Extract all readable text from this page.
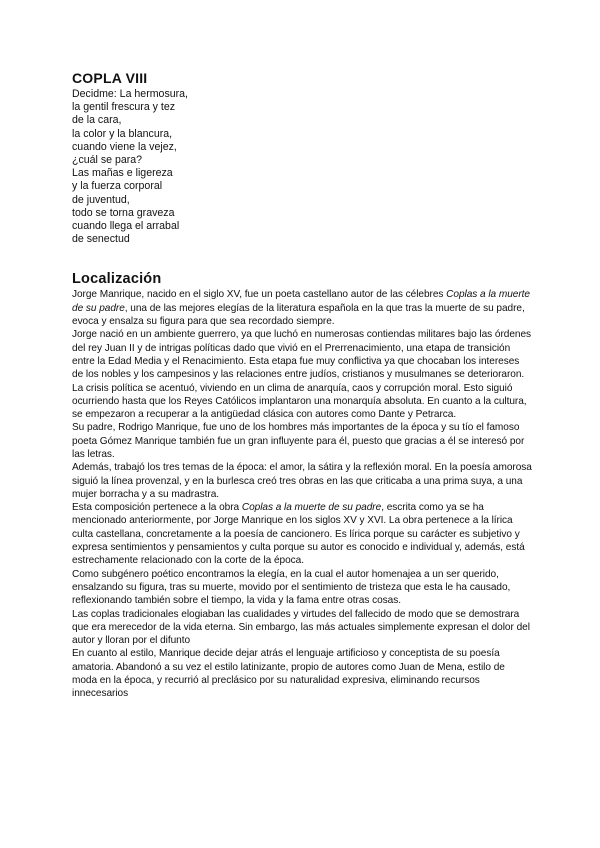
COPLA VIII
Decidme: La hermosura,
la gentil frescura y tez
de la cara,
la color y la blancura,
cuando viene la vejez,
¿cuál se para?
Las mañas e ligereza
y la fuerza corporal
de juventud,
todo se torna graveza
cuando llega el arrabal
de senectud
Localización

Jorge Manrique, nacido en el siglo XV, fue un poeta castellano autor de las célebres Coplas a la muerte de su padre, una de las mejores elegías de la literatura española en la que tras la muerte de su padre, evoca y ensalza su figura para que sea recordado siempre.

Jorge nació en un ambiente guerrero, ya que luchó en numerosas contiendas militares bajo las órdenes del rey Juan II y de intrigas políticas dado que vivió en el Prerrenacimiento, una etapa de transición entre la Edad Media y el Renacimiento. Esta etapa fue muy conflictiva ya que chocaban los intereses de los nobles y los campesinos y las relaciones entre judíos, cristianos y musulmanes se deterioraron. La crisis política se acentuó, viviendo en un clima de anarquía, caos y corrupción moral. Esto siguió ocurriendo hasta que los Reyes Católicos implantaron una monarquía absoluta. En cuanto a la cultura, se empezaron a recuperar a la antigüedad clásica con autores como Dante y Petrarca.

Su padre, Rodrigo Manrique, fue uno de los hombres más importantes de la época y su tío el famoso poeta Gómez Manrique también fue un gran influyente para él, puesto que gracias a él se interesó por las letras.

Además, trabajó los tres temas de la época: el amor, la sátira y la reflexión moral. En la poesía amorosa siguió la línea provenzal, y en la burlesca creó tres obras en las que criticaba a una prima suya, a una mujer borracha y a su madrastra.

Esta composición pertenece a la obra Coplas a la muerte de su padre, escrita como ya se ha mencionado anteriormente, por Jorge Manrique en los siglos XV y XVI. La obra pertenece a la lírica culta castellana, concretamente a la poesía de cancionero. Es lírica porque su carácter es subjetivo y expresa sentimientos y pensamientos y culta porque su autor es conocido e individual y, además, está estrechamente relacionado con la corte de la época.

Como subgénero poético encontramos la elegía, en la cual el autor homenajea a un ser querido, ensalzando su figura, tras su muerte, movido por el sentimiento de tristeza que esta le ha causado, reflexionando también sobre el tiempo, la vida y la fama entre otras cosas.

Las coplas tradicionales elogiaban las cualidades y virtudes del fallecido de modo que se demostrara que era merecedor de la vida eterna. Sin embargo, las más actuales simplemente expresan el dolor del autor y lloran por el difunto

En cuanto al estilo, Manrique decide dejar atrás el lenguaje artificioso y conceptista de su poesía amatoria. Abandonó a su vez el estilo latinizante, propio de autores como Juan de Mena, estilo de moda en la época, y recurrió al preclásico por su naturalidad expresiva, eliminando recursos innecesarios
